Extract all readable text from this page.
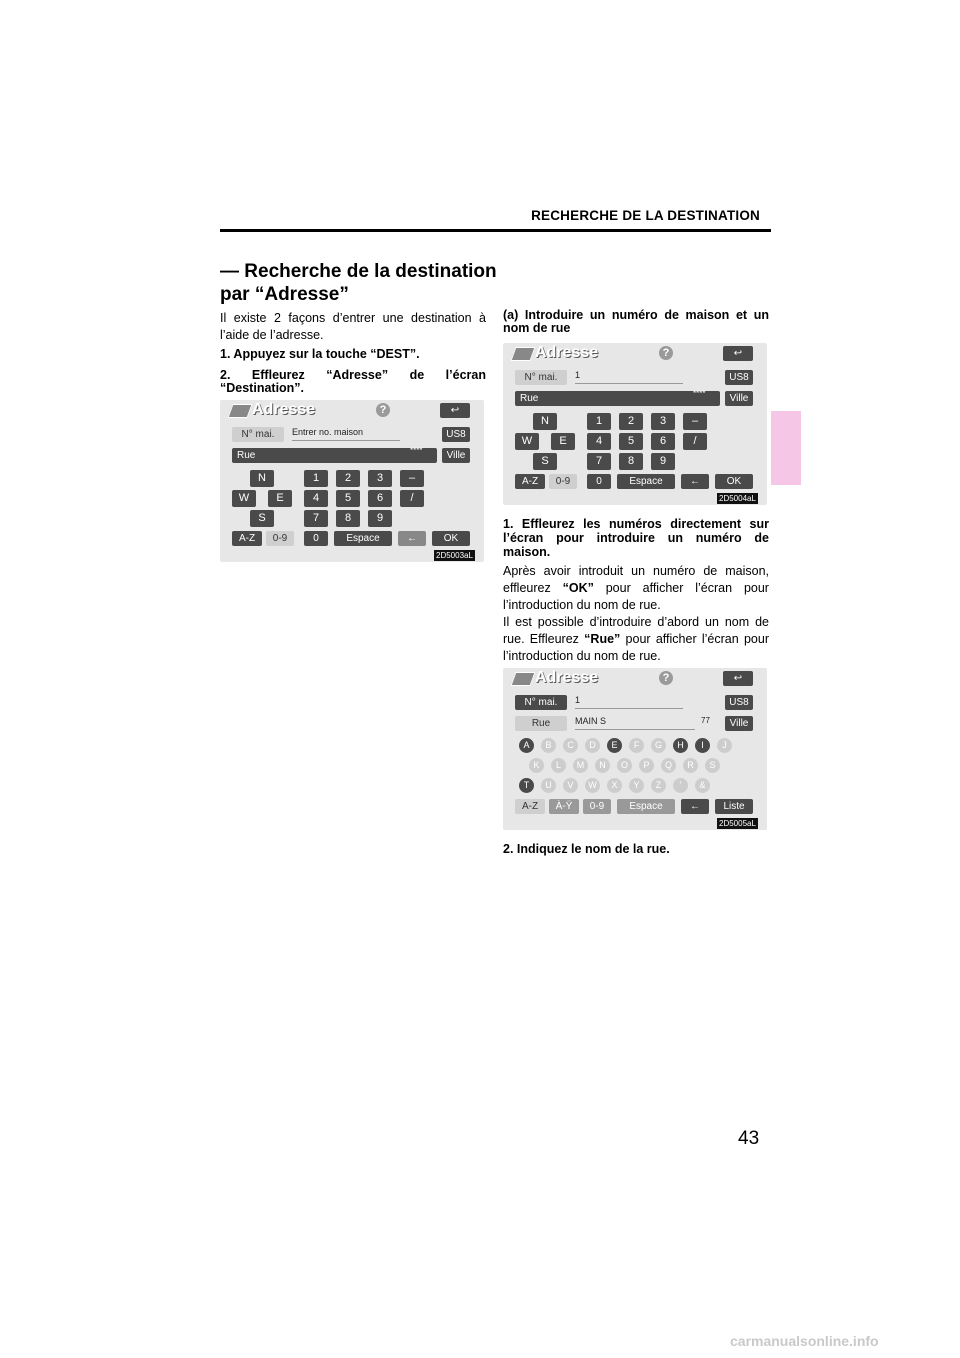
RECHERCHE DE LA DESTINATION
— Recherche de la destination
par “Adresse”
Il existe 2 façons d’entrer une destination à l’aide de l’adresse.
1. Appuyez sur la touche “DEST”.
2. Effleurez “Adresse” de l’écran
“Destination”.
Adresse	?	↩
N° mai.	Entrer no. maison	US8
Rue	****	Ville
N
W	E
S
1	2	3	–
4	5	6	/
7	8	9
A-Z	0-9	0	Espace	←	OK
2D5003aL
(a) Introduire un numéro de maison et un
nom de rue
Adresse	?	↩
N° mai.	1	US8
Rue	****	Ville
N
W	E
S
1	2	3	–
4	5	6	/
7	8	9
A-Z	0-9	0	Espace	←	OK
2D5004aL
1. Effleurez les numéros directement sur
l’écran pour introduire un numéro de
maison.
Après avoir introduit un numéro de maison, effleurez “OK” pour afficher l’écran pour l’introduction du nom de rue.
Il est possible d’introduire d’abord un nom de rue. Effleurez “Rue” pour afficher l’écran pour l’introduction du nom de rue.
Adresse	?	↩
N° mai.	1	US8
Rue	MAIN S	77	Ville
A	B	C	D	E	F	G	H	I	J
K	L	M	N	O	P	Q	R	S
T	U	V	W	X	Y	Z	'	&
A-Z	À-Ÿ	0-9	Espace	←	Liste
2D5005aL
2. Indiquez le nom de la rue.
43
carmanualsonline.info
